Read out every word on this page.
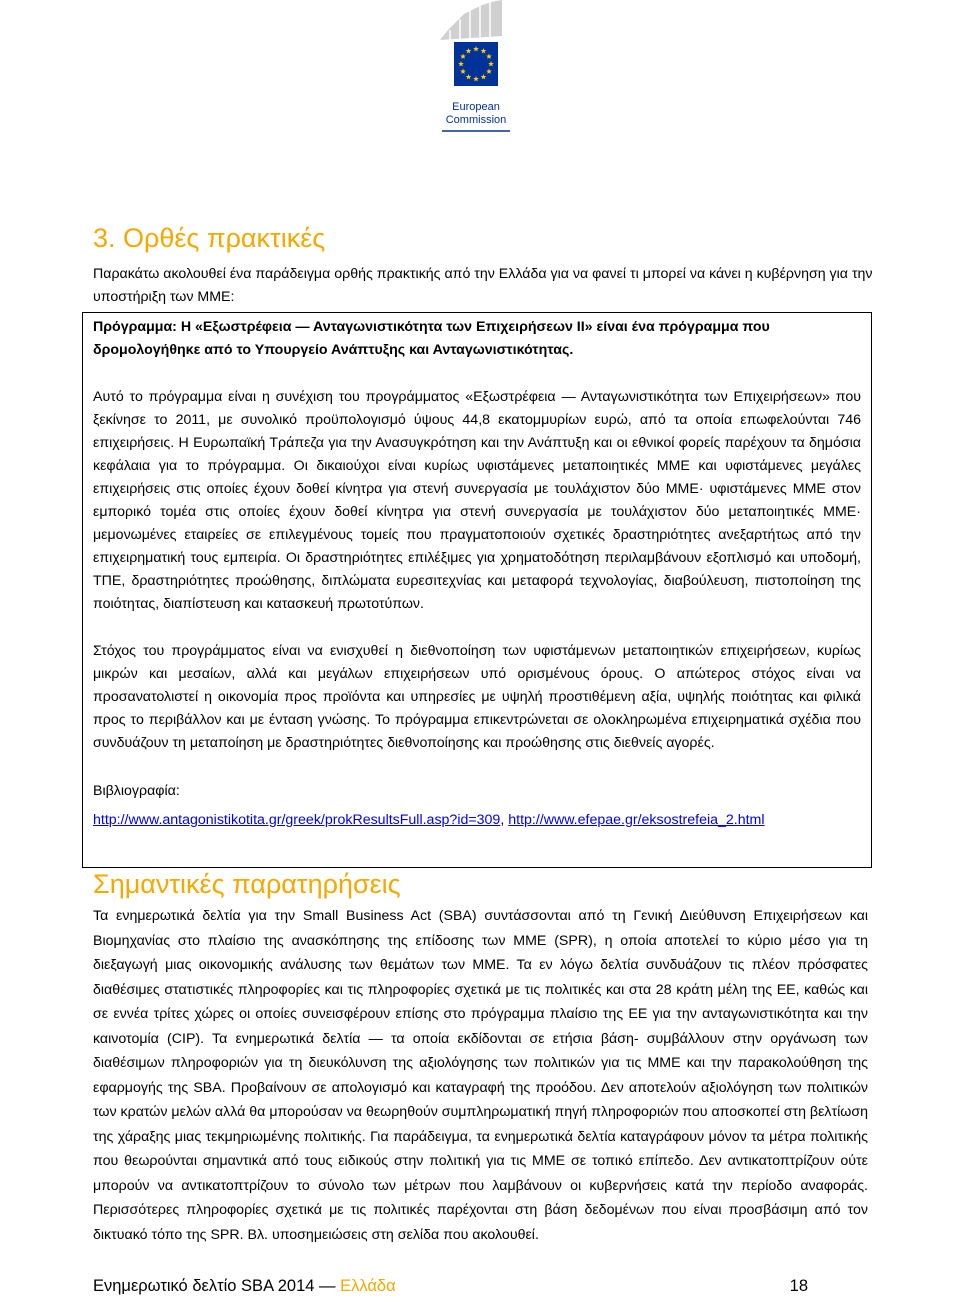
European
Commission
3. Ορθές πρακτικές

Παρακάτω ακολουθεί ένα παράδειγμα ορθής πρακτικής από την Ελλάδα για να φανεί τι μπορεί να κάνει η κυβέρνηση για την υποστήριξη των ΜΜΕ:

Πρόγραμμα: Η «Εξωστρέφεια — Ανταγωνιστικότητα των Επιχειρήσεων ΙΙ» είναι ένα πρόγραμμα που δρομολογήθηκε από το Υπουργείο Ανάπτυξης και Ανταγωνιστικότητας.

Αυτό το πρόγραμμα είναι η συνέχιση του προγράμματος «Εξωστρέφεια — Ανταγωνιστικότητα των Επιχειρήσεων» που ξεκίνησε το 2011, με συνολικό προϋπολογισμό ύψους 44,8 εκατομμυρίων ευρώ, από τα οποία επωφελούνται 746 επιχειρήσεις. Η Ευρωπαϊκή Τράπεζα για την Ανασυγκρότηση και την Ανάπτυξη και οι εθνικοί φορείς παρέχουν τα δημόσια κεφάλαια για το πρόγραμμα. Οι δικαιούχοι είναι κυρίως υφιστάμενες μεταποιητικές ΜΜΕ και υφιστάμενες μεγάλες επιχειρήσεις στις οποίες έχουν δοθεί κίνητρα για στενή συνεργασία με τουλάχιστον δύο ΜΜΕ· υφιστάμενες ΜΜΕ στον εμπορικό τομέα στις οποίες έχουν δοθεί κίνητρα για στενή συνεργασία με τουλάχιστον δύο μεταποιητικές ΜΜΕ· μεμονωμένες εταιρείες σε επιλεγμένους τομείς που πραγματοποιούν σχετικές δραστηριότητες ανεξαρτήτως από την επιχειρηματική τους εμπειρία. Οι δραστηριότητες επιλέξιμες για χρηματοδότηση περιλαμβάνουν εξοπλισμό και υποδομή, ΤΠΕ, δραστηριότητες προώθησης, διπλώματα ευρεσιτεχνίας και μεταφορά τεχνολογίας, διαβούλευση, πιστοποίηση της ποιότητας, διαπίστευση και κατασκευή πρωτοτύπων.

Στόχος του προγράμματος είναι να ενισχυθεί η διεθνοποίηση των υφιστάμενων μεταποιητικών επιχειρήσεων, κυρίως μικρών και μεσαίων, αλλά και μεγάλων επιχειρήσεων υπό ορισμένους όρους. Ο απώτερος στόχος είναι να προσανατολιστεί η οικονομία προς προϊόντα και υπηρεσίες με υψηλή προστιθέμενη αξία, υψηλής ποιότητας και φιλικά προς το περιβάλλον και με ένταση γνώσης. Το πρόγραμμα επικεντρώνεται σε ολοκληρωμένα επιχειρηματικά σχέδια που συνδυάζουν τη μεταποίηση με δραστηριότητες διεθνοποίησης και προώθησης στις διεθνείς αγορές.

Βιβλιογραφία:

http://www.antagonistikotita.gr/greek/prokResultsFull.asp?id=309, http://www.efepae.gr/eksostrefeia_2.html

Σημαντικές παρατηρήσεις

Τα ενημερωτικά δελτία για την Small Business Act (SBA) συντάσσονται από τη Γενική Διεύθυνση Επιχειρήσεων και Βιομηχανίας στο πλαίσιο της ανασκόπησης της επίδοσης των ΜΜΕ (SPR), η οποία αποτελεί το κύριο μέσο για τη διεξαγωγή μιας οικονομικής ανάλυσης των θεμάτων των ΜΜΕ. Τα εν λόγω δελτία συνδυάζουν τις πλέον πρόσφατες διαθέσιμες στατιστικές πληροφορίες και τις πληροφορίες σχετικά με τις πολιτικές και στα 28 κράτη μέλη της ΕΕ, καθώς και σε εννέα τρίτες χώρες οι οποίες συνεισφέρουν επίσης στο πρόγραμμα πλαίσιο της ΕΕ για την ανταγωνιστικότητα και την καινοτομία (CIP). Τα ενημερωτικά δελτία — τα οποία εκδίδονται σε ετήσια βάση- συμβάλλουν στην οργάνωση των διαθέσιμων πληροφοριών για τη διευκόλυνση της αξιολόγησης των πολιτικών για τις ΜΜΕ και την παρακολούθηση της εφαρμογής της SBA. Προβαίνουν σε απολογισμό και καταγραφή της προόδου. Δεν αποτελούν αξιολόγηση των πολιτικών των κρατών μελών αλλά θα μπορούσαν να θεωρηθούν συμπληρωματική πηγή πληροφοριών που αποσκοπεί στη βελτίωση της χάραξης μιας τεκμηριωμένης πολιτικής. Για παράδειγμα, τα ενημερωτικά δελτία καταγράφουν μόνον τα μέτρα πολιτικής που θεωρούνται σημαντικά από τους ειδικούς στην πολιτική για τις ΜΜΕ σε τοπικό επίπεδο. Δεν αντικατοπτρίζουν ούτε μπορούν να αντικατοπτρίζουν το σύνολο των μέτρων που λαμβάνουν οι κυβερνήσεις κατά την περίοδο αναφοράς. Περισσότερες πληροφορίες σχετικά με τις πολιτικές παρέχονται στη βάση δεδομένων που είναι προσβάσιμη από τον δικτυακό τόπο της SPR. Βλ. υποσημειώσεις στη σελίδα που ακολουθεί.

Ενημερωτικό δελτίο SBA 2014 — Ελλάδα	18
